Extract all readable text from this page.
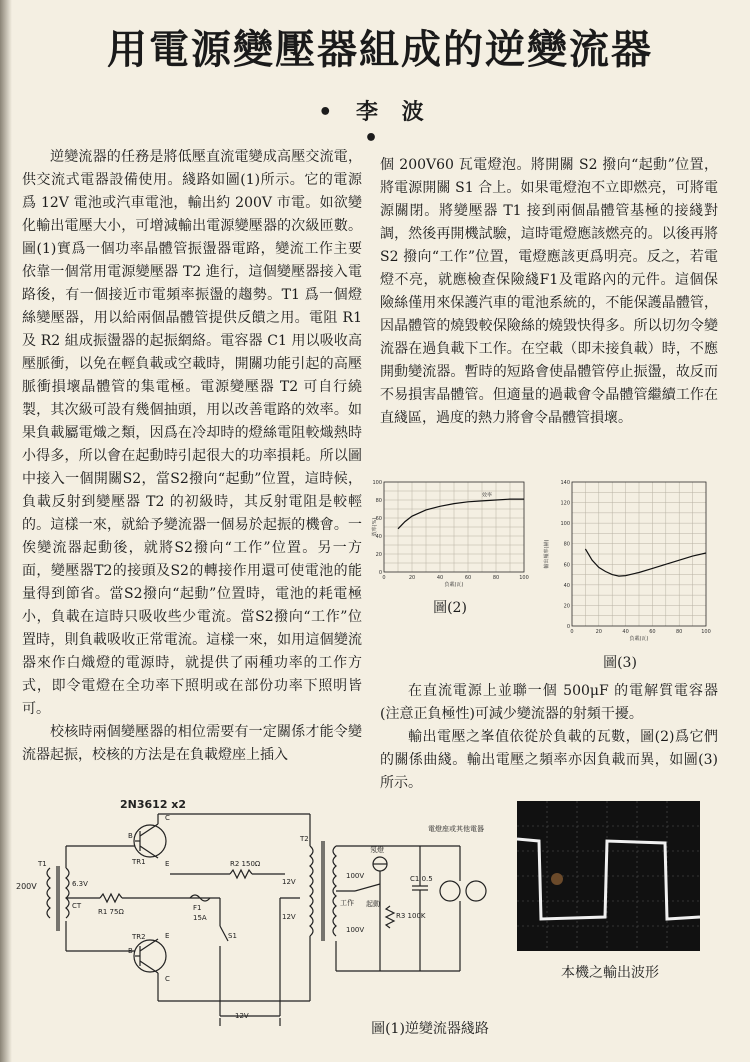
用電源變壓器組成的逆變流器
• 李 波 •

逆變流器的任務是將低壓直流電變成高壓交流電，供交流式電器設備使用。綫路如圖(1)所示。它的電源爲 12V 電池或汽車電池，輸出約 200V 市電。如欲變化輸出電壓大小，可增減輸出電源變壓器的次級匝數。圖(1)實爲一個功率晶體管振盪器電路，變流工作主要依靠一個常用電源變壓器 T2 進行，這個變壓器接入電路後，有一個接近市電頻率振盪的趨勢。T1 爲一個燈絲變壓器，用以給兩個晶體管提供反饋之用。電阻 R1 及 R2 組成振盪器的起振網絡。電容器 C1 用以吸收高壓脈衝，以免在輕負載或空載時，開關功能引起的高壓脈衝損壞晶體管的集電極。電源變壓器 T2 可自行繞製，其次級可設有幾個抽頭，用以改善電路的效率。如果負載屬電熾之類，因爲在冷却時的燈絲電阻較熾熱時小得多，所以會在起動時引起很大的功率損耗。所以圖中接入一個開關S2，當S2撥向“起動”位置，這時候，負載反射到變壓器 T2 的初級時，其反射電阻是較輕的。這樣一來，就給予變流器一個易於起振的機會。一俟變流器起動後，就將S2撥向“工作”位置。另一方面，變壓器T2的接頭及S2的轉接作用還可使電池的能量得到節省。當S2撥向“起動”位置時，電池的耗電極小，負載在這時只吸收些少電流。當S2撥向“工作”位置時，則負載吸收正常電流。這樣一來，如用這個變流器來作白熾燈的電源時，就提供了兩種功率的工作方式，即令電燈在全功率下照明或在部份功率下照明皆可。

校核時兩個變壓器的相位需要有一定關係才能令變流器起振，校核的方法是在負載燈座上插入

個 200V60 瓦電燈泡。將開關 S2 撥向“起動”位置，將電源開關 S1 合上。如果電燈泡不立即燃亮，可將電源關閉。將變壓器 T1 接到兩個晶體管基極的接綫對調，然後再開機試驗，這時電燈應該燃亮的。以後再將 S2 撥向“工作”位置，電燈應該更爲明亮。反之，若電燈不亮，就應檢查保險綫F1及電路內的元件。這個保險絲僅用來保護汽車的電池系統的，不能保護晶體管，因晶體管的燒毀較保險絲的燒毀快得多。所以切勿令變流器在過負載下工作。在空載（即未接負載）時，不應開動變流器。暫時的短路會使晶體管停止振盪，故反而不易損害晶體管。但適量的過載會令晶體管繼續工作在直綫區，過度的熱力將會令晶體管損壞。

0	20	40	60	80	100
0
20
40
60
80
100
負載(瓦)
效率(%)
效率
圖(2)
0	20	40	60	80	100
0
20
40
60
80
100
120
140
負載(瓦)
輸出頻率(赫)
圖(3)

在直流電源上並聯一個 500μF 的電解質電容器(注意正負極性)可減少變流器的射頻干擾。

輸出電壓之峯值依從於負載的瓦數，圖(2)爲它們的關係曲綫。輸出電壓之頻率亦因負載而異，如圖(3)所示。

本機之輸出波形
T1
200V	6.3V
CT
2N3612 x2
TR1
B
C
E
TR2
B
E
C
R1 75Ω
R2 150Ω
F1
15A
S1
12V
T2
12V
12V
100V
100V
工作 起動
氖燈
R3 100K
C1 0.5
電燈座或其他電器
圖(1)逆變流器綫路
